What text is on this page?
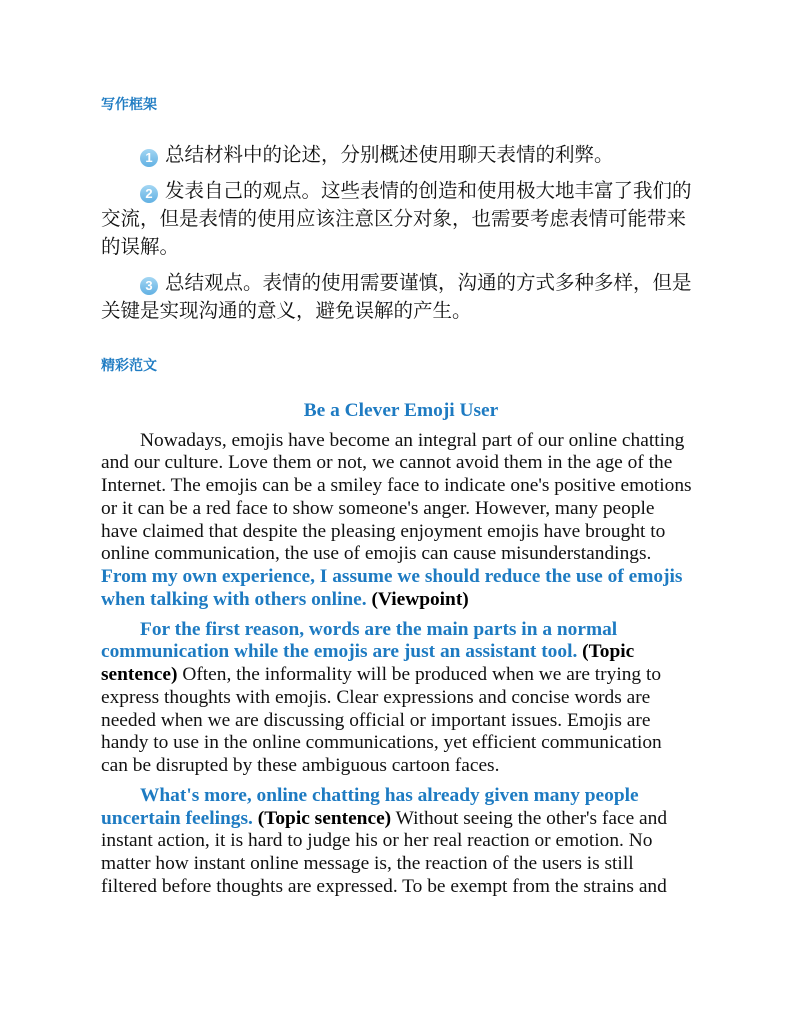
写作框架
1 总结材料中的论述，分别概述使用聊天表情的利弊。
2 发表自己的观点。这些表情的创造和使用极大地丰富了我们的
交流，但是表情的使用应该注意区分对象，也需要考虑表情可能带来
的误解。
3 总结观点。表情的使用需要谨慎，沟通的方式多种多样，但是
关键是实现沟通的意义，避免误解的产生。
精彩范文
Be a Clever Emoji User

Nowadays, emojis have become an integral part of our online chatting
and our culture. Love them or not, we cannot avoid them in the age of the
Internet. The emojis can be a smiley face to indicate one's positive emotions
or it can be a red face to show someone's anger. However, many people
have claimed that despite the pleasing enjoyment emojis have brought to
online communication, the use of emojis can cause misunderstandings.
From my own experience, I assume we should reduce the use of emojis
when talking with others online. (Viewpoint)

For the first reason, words are the main parts in a normal
communication while the emojis are just an assistant tool. (Topic
sentence) Often, the informality will be produced when we are trying to
express thoughts with emojis. Clear expressions and concise words are
needed when we are discussing official or important issues. Emojis are
handy to use in the online communications, yet efficient communication
can be disrupted by these ambiguous cartoon faces.

What's more, online chatting has already given many people
uncertain feelings. (Topic sentence) Without seeing the other's face and
instant action, it is hard to judge his or her real reaction or emotion. No
matter how instant online message is, the reaction of the users is still
filtered before thoughts are expressed. To be exempt from the strains and
